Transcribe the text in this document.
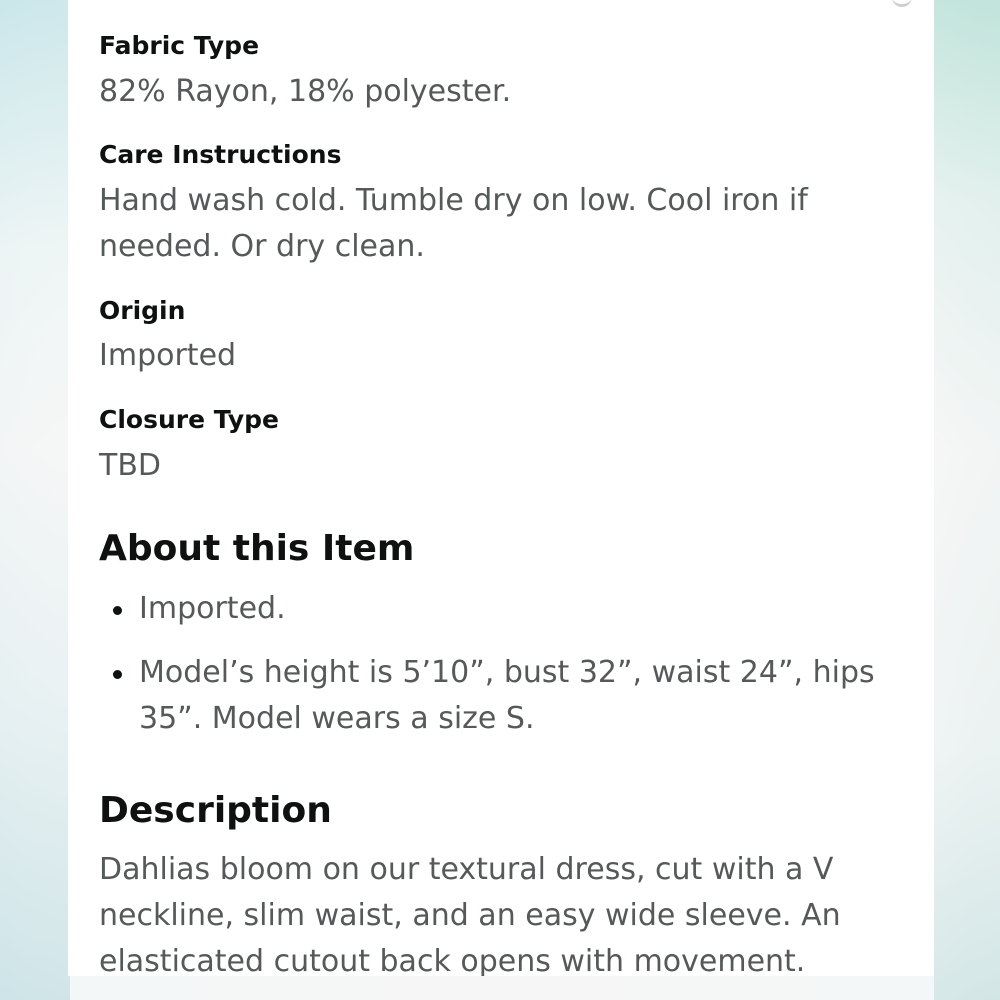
Fabric Type
82% Rayon, 18% polyester.
Care Instructions
Hand wash cold. Tumble dry on low. Cool iron if needed. Or dry clean.
Origin
Imported
Closure Type
TBD
About this Item
Imported.
Model’s height is 5’10”, bust 32”, waist 24”, hips 35”. Model wears a size S.
Description
Dahlias bloom on our textural dress, cut with a V neckline, slim waist, and an easy wide sleeve. An elasticated cutout back opens with movement.
